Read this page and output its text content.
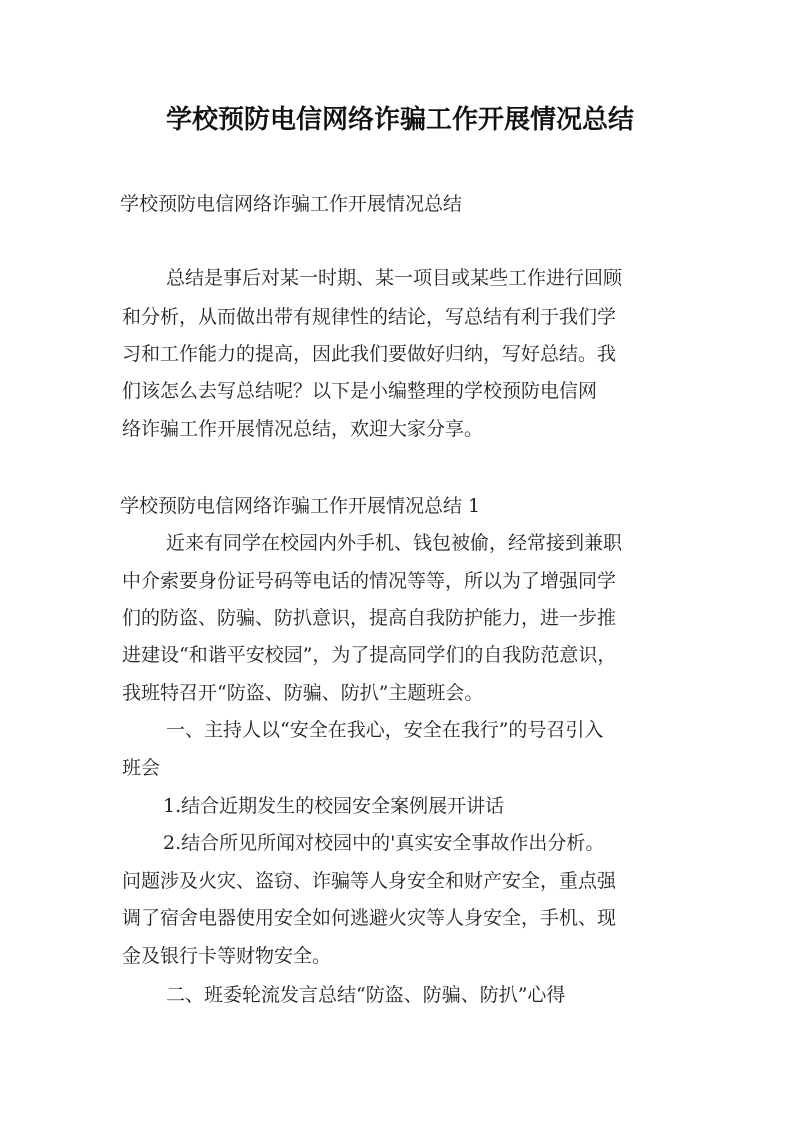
学校预防电信网络诈骗工作开展情况总结

学校预防电信网络诈骗工作开展情况总结

总结是事后对某一时期、某一项目或某些工作进行回顾

和分析，从而做出带有规律性的结论，写总结有利于我们学

习和工作能力的提高，因此我们要做好归纳，写好总结。我

们该怎么去写总结呢？以下是小编整理的学校预防电信网

络诈骗工作开展情况总结，欢迎大家分享。

学校预防电信网络诈骗工作开展情况总结 1

近来有同学在校园内外手机、钱包被偷，经常接到兼职

中介索要身份证号码等电话的情况等等，所以为了增强同学

们的防盗、防骗、防扒意识，提高自我防护能力，进一步推

进建设“和谐平安校园”，为了提高同学们的自我防范意识，

我班特召开“防盗、防骗、防扒”主题班会。

一、主持人以“安全在我心，安全在我行”的号召引入

班会

1.结合近期发生的校园安全案例展开讲话

2.结合所见所闻对校园中的'真实安全事故作出分析。

问题涉及火灾、盗窃、诈骗等人身安全和财产安全，重点强

调了宿舍电器使用安全如何逃避火灾等人身安全，手机、现

金及银行卡等财物安全。

二、班委轮流发言总结“防盗、防骗、防扒”心得
